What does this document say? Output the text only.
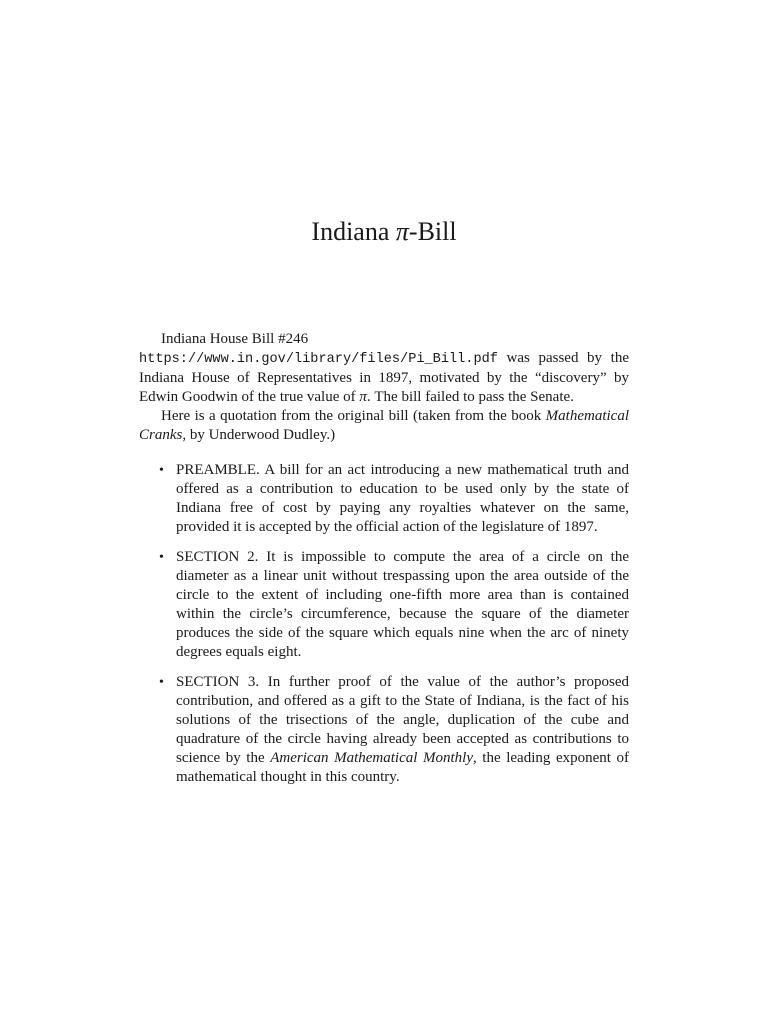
Indiana π-Bill

Indiana House Bill #246
https://www.in.gov/library/files/Pi_Bill.pdf was passed by the Indiana House of Representatives in 1897, motivated by the “discovery” by Edwin Goodwin of the true value of π. The bill failed to pass the Senate.

Here is a quotation from the original bill (taken from the book Mathematical Cranks, by Underwood Dudley.)

• PREAMBLE. A bill for an act introducing a new mathematical truth and offered as a contribution to education to be used only by the state of Indiana free of cost by paying any royalties whatever on the same, provided it is accepted by the official action of the legislature of 1897.
• SECTION 2. It is impossible to compute the area of a circle on the diameter as a linear unit without trespassing upon the area outside of the circle to the extent of including one-fifth more area than is contained within the circle’s circumference, because the square of the diameter produces the side of the square which equals nine when the arc of ninety degrees equals eight.
• SECTION 3. In further proof of the value of the author’s proposed contribution, and offered as a gift to the State of Indiana, is the fact of his solutions of the trisections of the angle, duplication of the cube and quadrature of the circle having already been accepted as contributions to science by the American Mathematical Monthly, the leading exponent of mathematical thought in this country.
